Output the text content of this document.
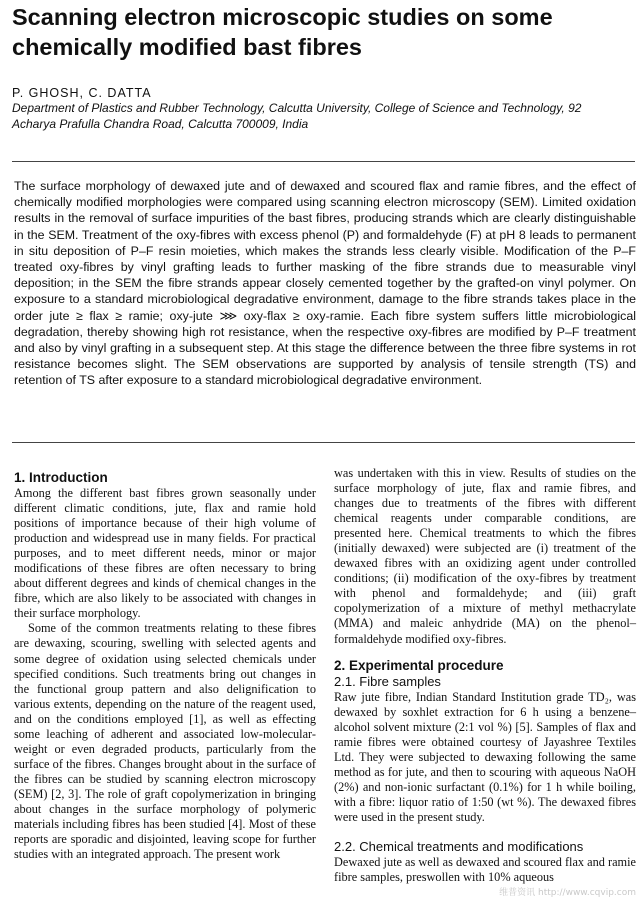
Scanning electron microscopic studies on some chemically modified bast fibres
P. GHOSH, C. DATTA
Department of Plastics and Rubber Technology, Calcutta University, College of Science and Technology, 92 Acharya Prafulla Chandra Road, Calcutta 700009, India

The surface morphology of dewaxed jute and of dewaxed and scoured flax and ramie fibres, and the effect of chemically modified morphologies were compared using scanning electron microscopy (SEM). Limited oxidation results in the removal of surface impurities of the bast fibres, producing strands which are clearly distinguishable in the SEM. Treatment of the oxy-fibres with excess phenol (P) and formaldehyde (F) at pH 8 leads to permanent in situ deposition of P–F resin moieties, which makes the strands less clearly visible. Modification of the P–F treated oxy-fibres by vinyl grafting leads to further masking of the fibre strands due to measurable vinyl deposition; in the SEM the fibre strands appear closely cemented together by the grafted-on vinyl polymer. On exposure to a standard microbiological degradative environment, damage to the fibre strands takes place in the order jute ≥ flax ≥ ramie; oxy-jute ⋙ oxy-flax ≥ oxy-ramie. Each fibre system suffers little microbiological degradation, thereby showing high rot resistance, when the respective oxy-fibres are modified by P–F treatment and also by vinyl grafting in a subsequent step. At this stage the difference between the three fibre systems in rot resistance becomes slight. The SEM observations are supported by analysis of tensile strength (TS) and retention of TS after exposure to a standard microbiological degradative environment.

1. Introduction

Among the different bast fibres grown seasonally under different climatic conditions, jute, flax and ramie hold positions of importance because of their high volume of production and widespread use in many fields. For practical purposes, and to meet different needs, minor or major modifications of these fibres are often necessary to bring about different degrees and kinds of chemical changes in the fibre, which are also likely to be associated with changes in their surface morphology.

Some of the common treatments relating to these fibres are dewaxing, scouring, swelling with selected agents and some degree of oxidation using selected chemicals under specified conditions. Such treatments bring out changes in the functional group pattern and also delignification to various extents, depending on the nature of the reagent used, and on the conditions employed [1], as well as effecting some leaching of adherent and associated low-molecular-weight or even degraded products, particularly from the surface of the fibres. Changes brought about in the surface of the fibres can be studied by scanning electron microscopy (SEM) [2, 3]. The role of graft copolymerization in bringing about changes in the surface morphology of polymeric materials including fibres has been studied [4]. Most of these reports are sporadic and disjointed, leaving scope for further studies with an integrated approach. The present work

was undertaken with this in view. Results of studies on the surface morphology of jute, flax and ramie fibres, and changes due to treatments of the fibres with different chemical reagents under comparable conditions, are presented here. Chemical treatments to which the fibres (initially dewaxed) were subjected are (i) treatment of the dewaxed fibres with an oxidizing agent under controlled conditions; (ii) modification of the oxy-fibres by treatment with phenol and formaldehyde; and (iii) graft copolymerization of a mixture of methyl methacrylate (MMA) and maleic anhydride (MA) on the phenol–formaldehyde modified oxy-fibres.

2. Experimental procedure
2.1. Fibre samples

Raw jute fibre, Indian Standard Institution grade TD₂, was dewaxed by soxhlet extraction for 6 h using a benzene–alcohol solvent mixture (2:1 vol %) [5]. Samples of flax and ramie fibres were obtained courtesy of Jayashree Textiles Ltd. They were subjected to dewaxing following the same method as for jute, and then to scouring with aqueous NaOH (2%) and non-ionic surfactant (0.1%) for 1 h while boiling, with a fibre: liquor ratio of 1:50 (wt %). The dewaxed fibres were used in the present study.

2.2. Chemical treatments and modifications

Dewaxed jute as well as dewaxed and scoured flax and ramie fibre samples, preswollen with 10% aqueous

维普资讯 http://www.cqvip.com
